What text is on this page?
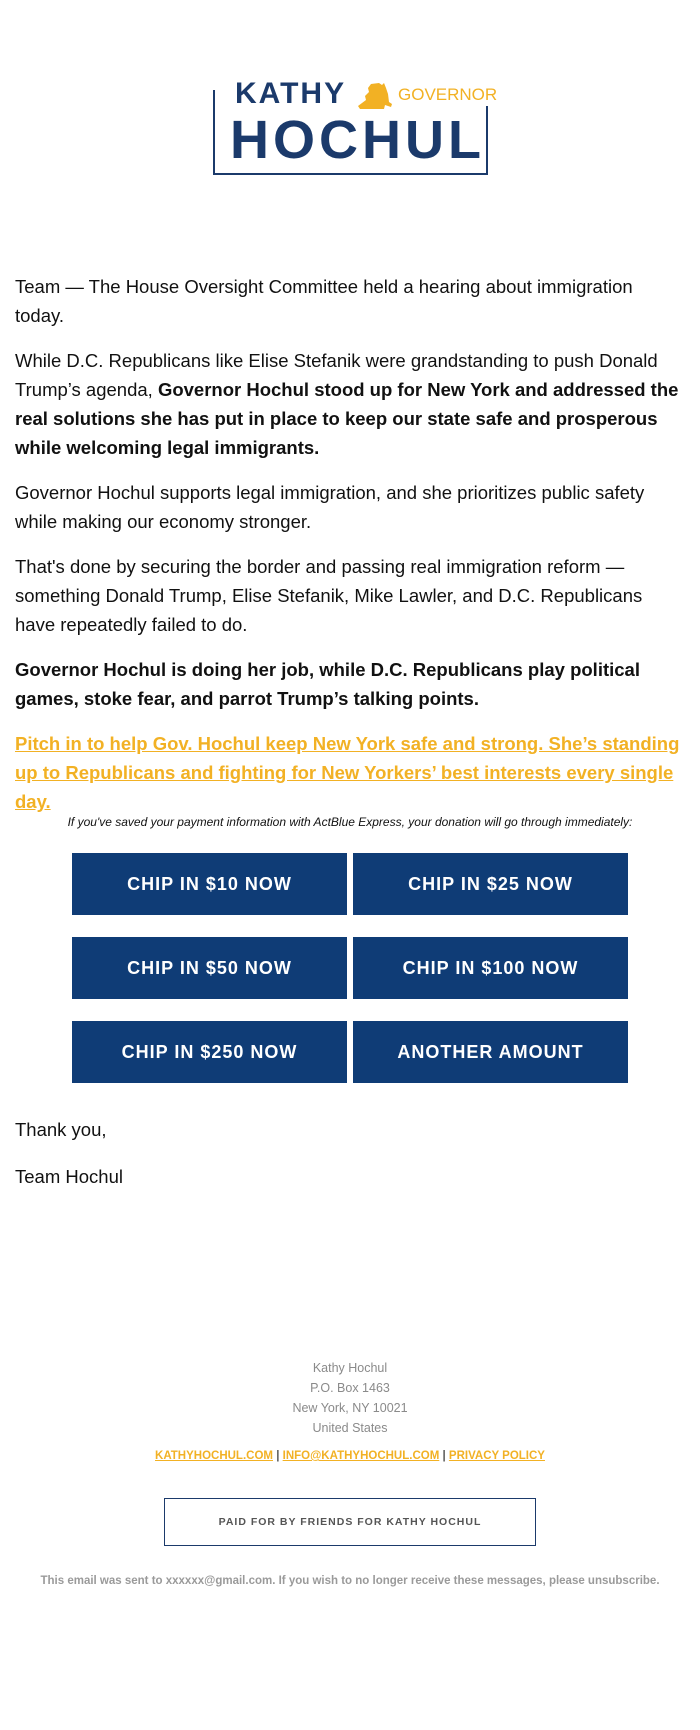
KATHY	GOVERNOR
HOCHUL

Team — The House Oversight Committee held a hearing about immigration today.

While D.C. Republicans like Elise Stefanik were grandstanding to push Donald Trump’s agenda, Governor Hochul stood up for New York and addressed the real solutions she has put in place to keep our state safe and prosperous while welcoming legal immigrants.

Governor Hochul supports legal immigration, and she prioritizes public safety while making our economy stronger.

That's done by securing the border and passing real immigration reform — something Donald Trump, Elise Stefanik, Mike Lawler, and D.C. Republicans have repeatedly failed to do.

Governor Hochul is doing her job, while D.C. Republicans play political games, stoke fear, and parrot Trump’s talking points.

Pitch in to help Gov. Hochul keep New York safe and strong. She’s standing up to Republicans and fighting for New Yorkers’ best interests every single day.

If you've saved your payment information with ActBlue Express, your donation will go through immediately:
CHIP IN $10 NOW	CHIP IN $25 NOW
CHIP IN $50 NOW	CHIP IN $100 NOW
CHIP IN $250 NOW	ANOTHER AMOUNT
Thank you,
Team Hochul
Kathy Hochul
P.O. Box 1463
New York, NY 10021
United States
KATHYHOCHUL.COM | INFO@KATHYHOCHUL.COM | PRIVACY POLICY
PAID FOR BY FRIENDS FOR KATHY HOCHUL
This email was sent to xxxxxx@gmail.com. If you wish to no longer receive these messages, please unsubscribe.
